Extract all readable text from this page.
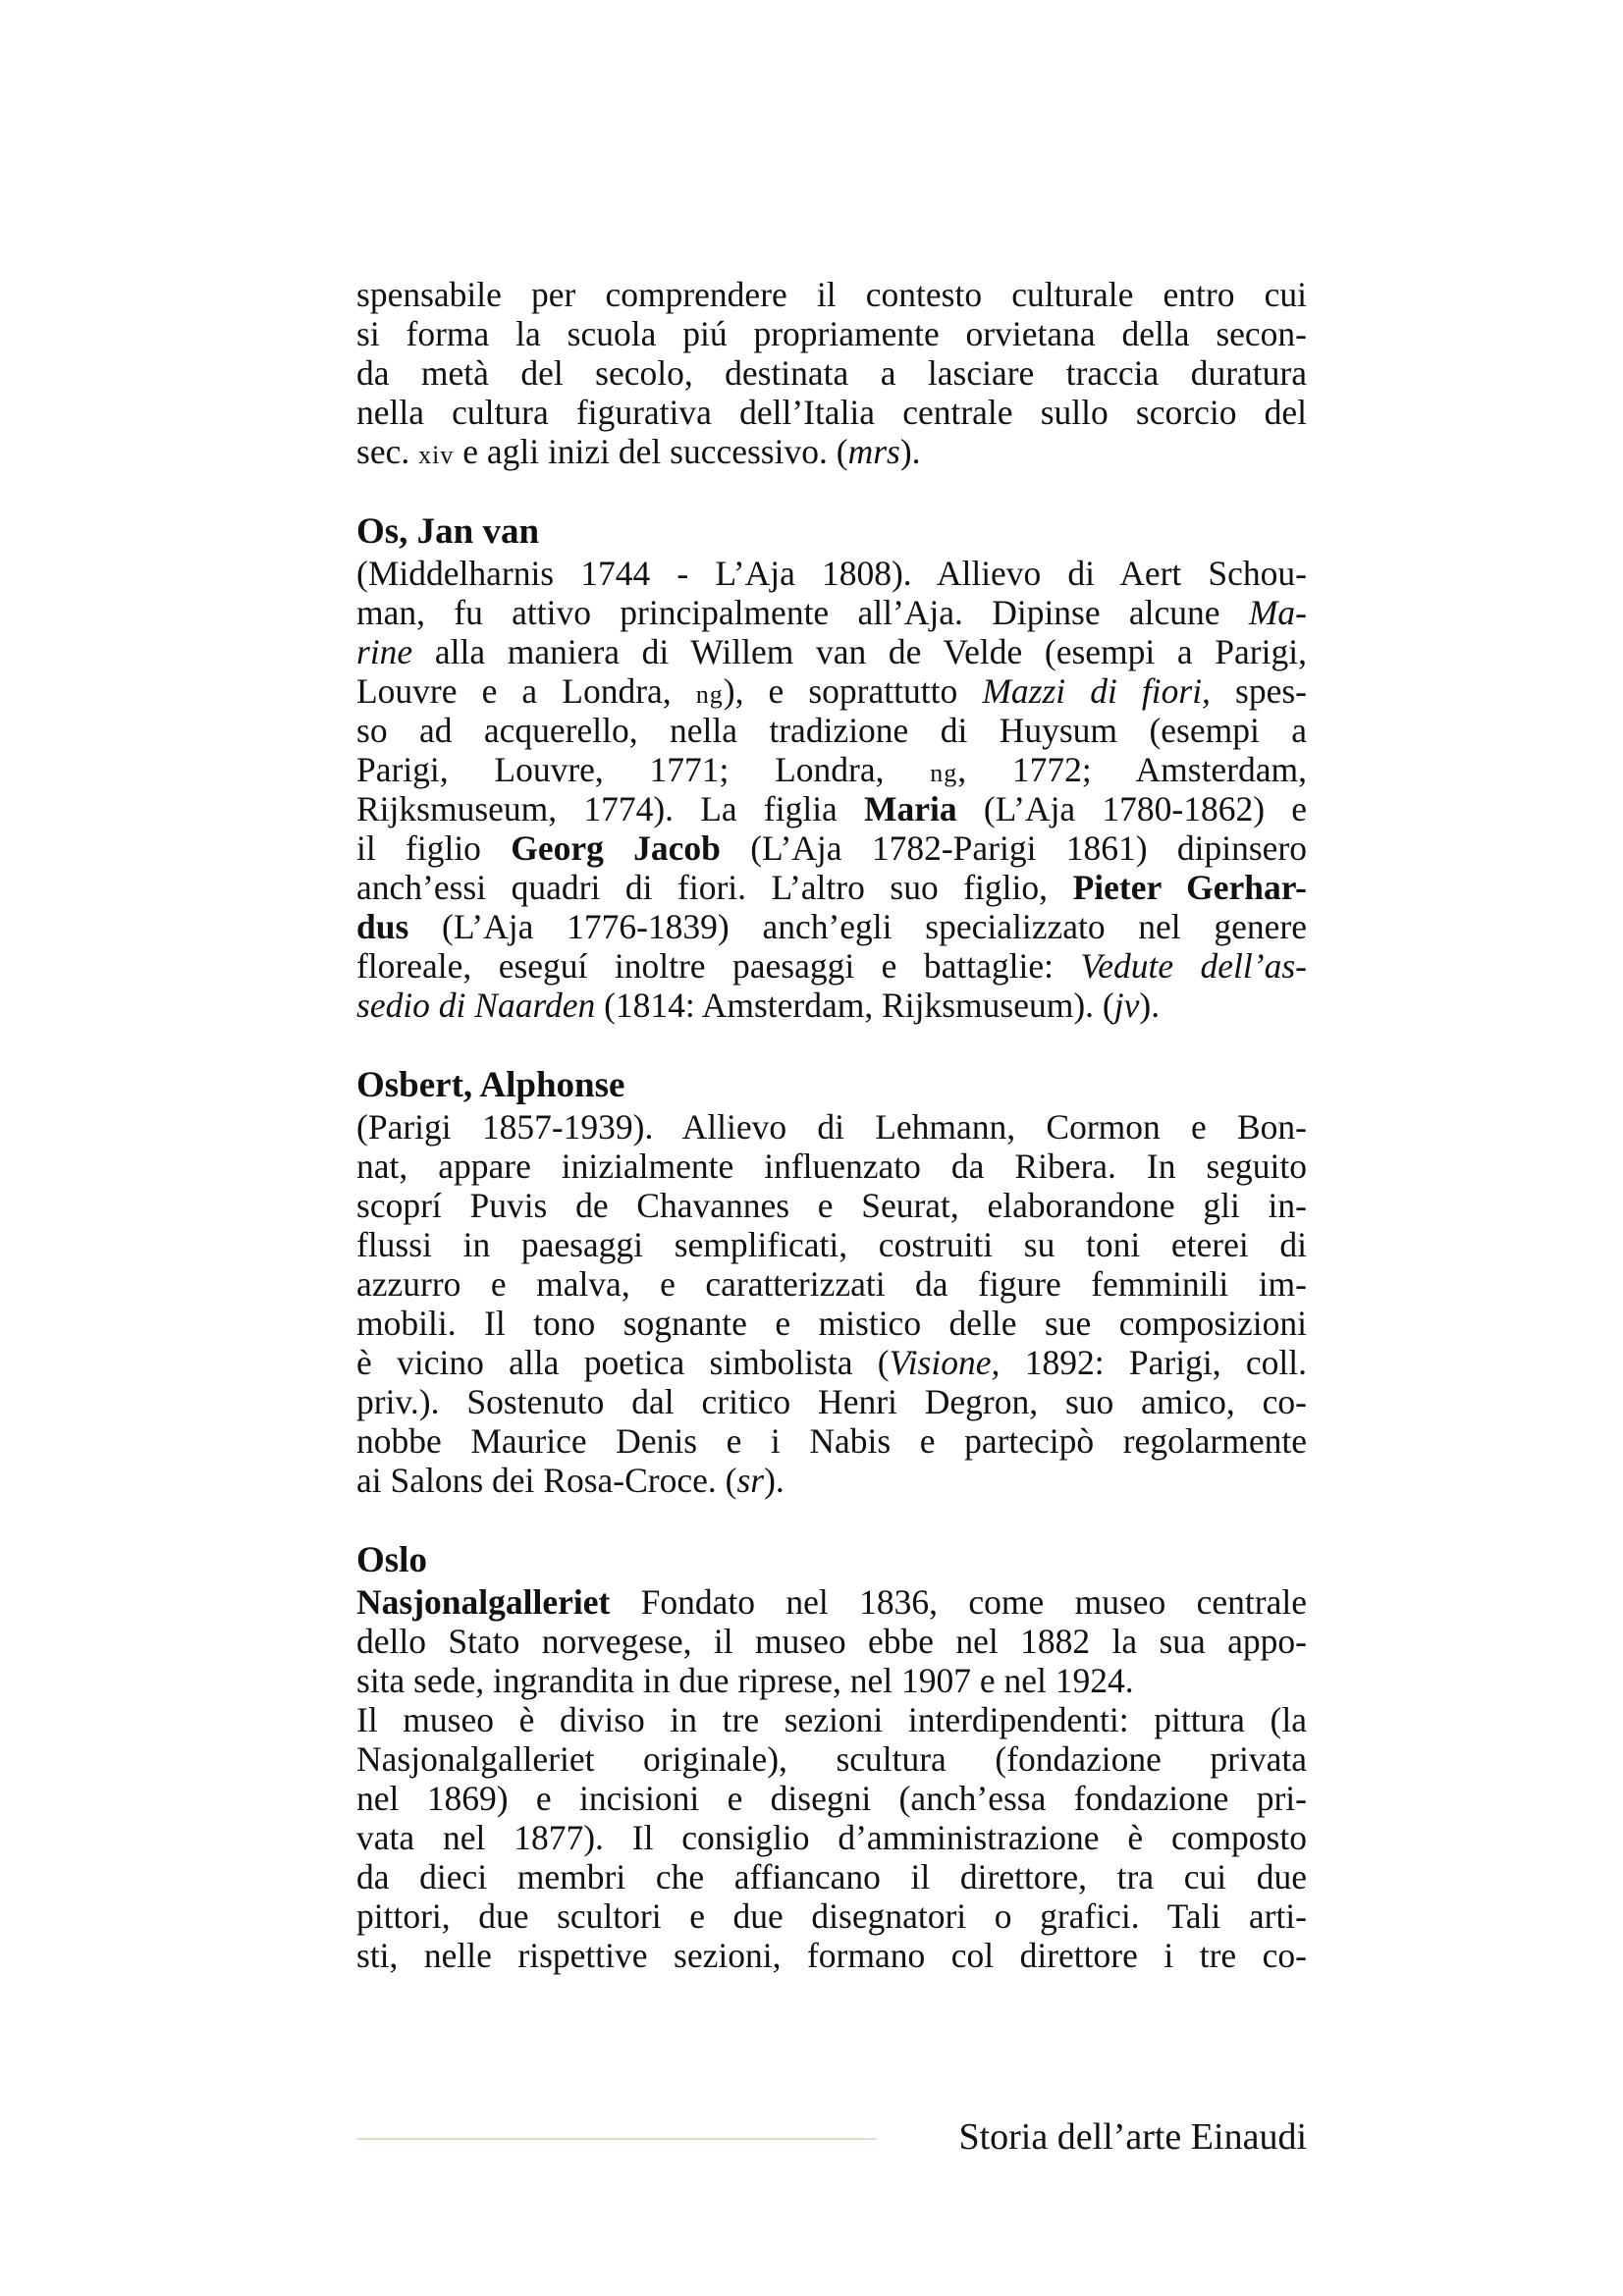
spensabile per comprendere il contesto culturale entro cui
si forma la scuola piú propriamente orvietana della secon-
da metà del secolo, destinata a lasciare traccia duratura
nella cultura figurativa dell’Italia centrale sullo scorcio del
sec. xiv e agli inizi del successivo. (mrs).
Os, Jan van
(Middelharnis 1744 - L’Aja 1808). Allievo di Aert Schou-
man, fu attivo principalmente all’Aja. Dipinse alcune Ma-
rine alla maniera di Willem van de Velde (esempi a Parigi,
Louvre e a Londra, ng), e soprattutto Mazzi di fiori, spes-
so ad acquerello, nella tradizione di Huysum (esempi a
Parigi, Louvre, 1771; Londra, ng, 1772; Amsterdam,
Rijksmuseum, 1774). La figlia Maria (L’Aja 1780-1862) e
il figlio Georg Jacob (L’Aja 1782-Parigi 1861) dipinsero
anch’essi quadri di fiori. L’altro suo figlio, Pieter Gerhar-
dus (L’Aja 1776-1839) anch’egli specializzato nel genere
floreale, eseguí inoltre paesaggi e battaglie: Vedute dell’as-
sedio di Naarden (1814: Amsterdam, Rijksmuseum). (jv).
Osbert, Alphonse
(Parigi 1857-1939). Allievo di Lehmann, Cormon e Bon-
nat, appare inizialmente influenzato da Ribera. In seguito
scoprí Puvis de Chavannes e Seurat, elaborandone gli in-
flussi in paesaggi semplificati, costruiti su toni eterei di
azzurro e malva, e caratterizzati da figure femminili im-
mobili. Il tono sognante e mistico delle sue composizioni
è vicino alla poetica simbolista (Visione, 1892: Parigi, coll.
priv.). Sostenuto dal critico Henri Degron, suo amico, co-
nobbe Maurice Denis e i Nabis e partecipò regolarmente
ai Salons dei Rosa-Croce. (sr).
Oslo
Nasjonalgalleriet Fondato nel 1836, come museo centrale
dello Stato norvegese, il museo ebbe nel 1882 la sua appo-
sita sede, ingrandita in due riprese, nel 1907 e nel 1924.
Il museo è diviso in tre sezioni interdipendenti: pittura (la
Nasjonalgalleriet originale), scultura (fondazione privata
nel 1869) e incisioni e disegni (anch’essa fondazione pri-
vata nel 1877). Il consiglio d’amministrazione è composto
da dieci membri che affiancano il direttore, tra cui due
pittori, due scultori e due disegnatori o grafici. Tali arti-
sti, nelle rispettive sezioni, formano col direttore i tre co-
Storia dell’arte Einaudi
